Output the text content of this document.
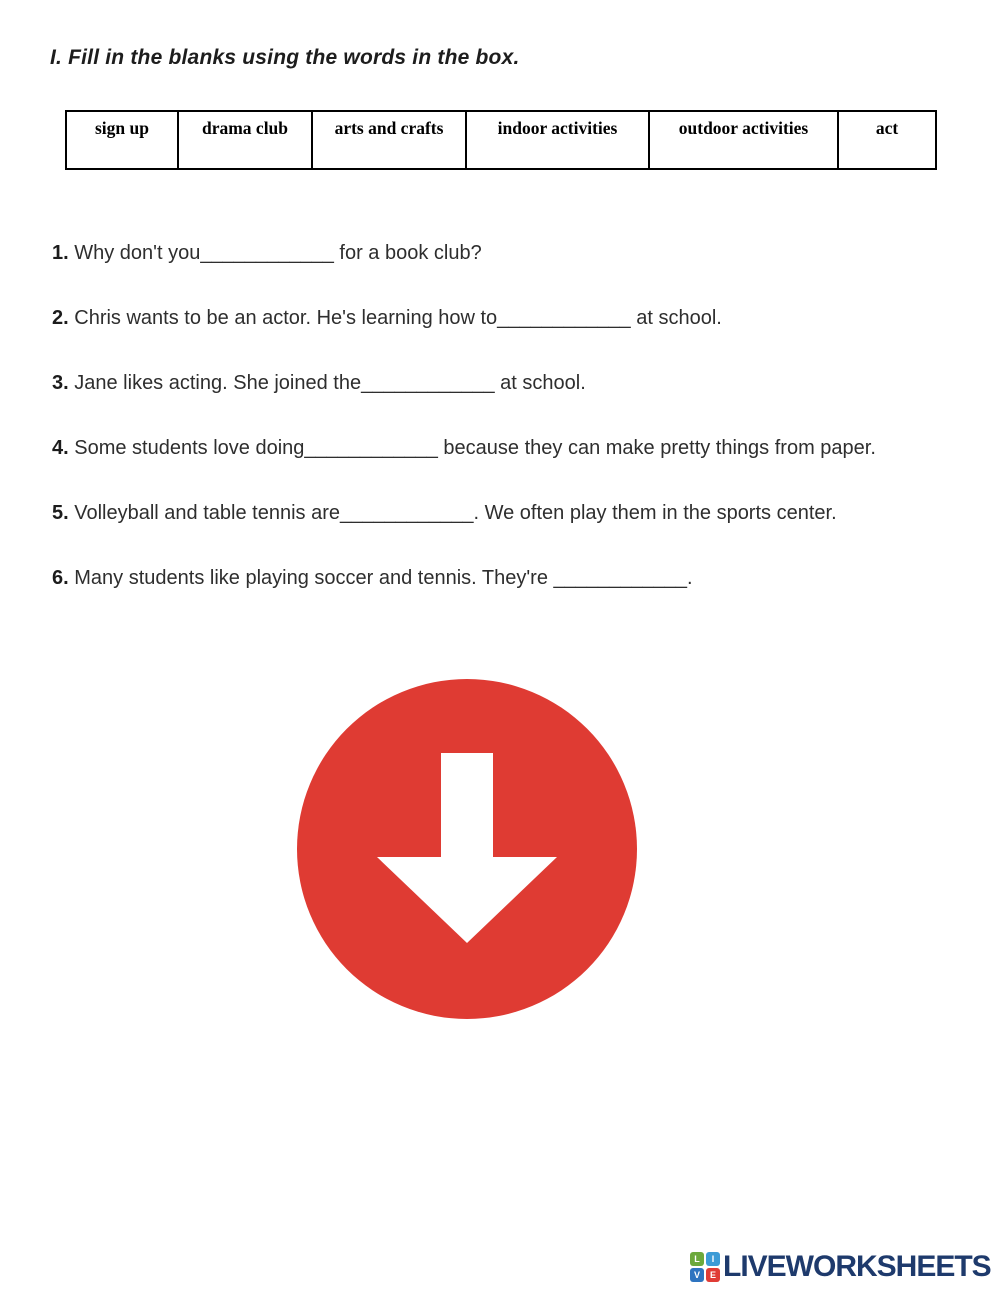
I. Fill in the blanks using the words in the box.
sign up	drama club	arts and crafts	indoor activities	outdoor activities	act

1. Why don't you____________ for a book club?

2. Chris wants to be an actor. He's learning how to____________ at school.

3. Jane likes acting. She joined the____________ at school.

4. Some students love doing____________ because they can make pretty things from paper.

5. Volleyball and table tennis are____________. We often play them in the sports center.

6. Many students like playing soccer and tennis. They're ____________.

L	I
V	E LIVEWORKSHEETS
